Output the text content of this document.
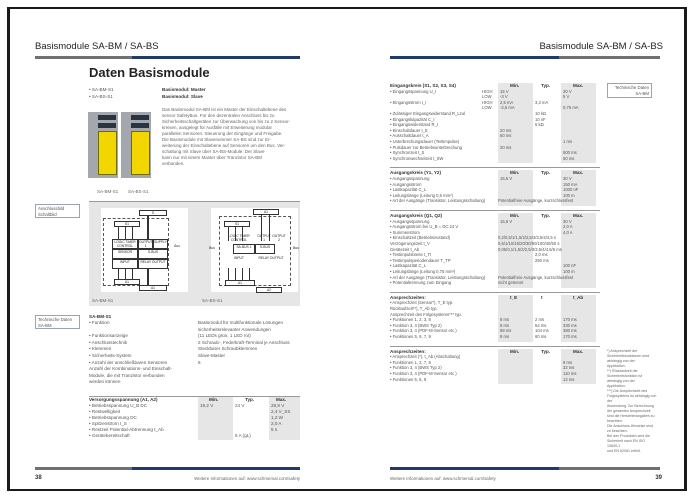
Basismodule SA-BM / SA-BS
Daten Basismodule
• SA-BM-S1
• SA-BS-S1
Basismodul: Master
Basismodul: Slave
Das Basismodul SA-BM ist ein Master der Einschaltebene des
sensor SafetyBus. Für den dezentralen Anschluss bis zu
Sicherheitsschaltgeräten zur Überwachung von bis zu 2 Sensor-
kreisen, ausgelegt für Ausfälle mit Erweiterung modular
parallelen Sensoren. Steuerung der Eingänge und Freigabe.
Die Basismodule mit Slavenummer SA-BS sind zur Er-
weiterung der Einschaltebene auf Sensoren um den Bus. Ver-
schaltung mit Slave über SA-BS-Module. Der Slave
kann nur mit einem Master über Tranzistor SA-BM
verbunden.
SA-BM-S1 SA-BS-S1
Anschlussbild
Schaltbild	S
S1
LOGIC TIMER CONTROL
OUTPUT 1
SUPPLY
SENSOR	S-BUS
Aux
INPUT	RELAY OUTPUT
A1
A1
A1
S1
LOGIC TIMER CONTROL
OUTPUT 1
OUTPUT 2
Bus	SA-BUS 1	S-BUS	Bus
INPUT	RELAY OUTPUT
A1
A2
SA-BM-S1	SA-BS-S1
Technische Daten
SA-BM
SA-BM-S1
• Funktion	Basismodul für multifunktionale Lösungen
sicherheitsrelevanter Anwendungen
• Funktionsanzeige	(11 LEDs grün, 1 LED rot)
• Anschlusstechnik	2 Schraub-, Federkraft-Terminal je Anschluss
• Klemmen	Steckbarer Schraubklemmen
• Sicherheits-System	Slave-Master
• Anzahl der anschließbaren Sensoren	6
Anzahl der Kombinations- und Einschalt-
Module, die mit Tranzistor verbunden
werden können
Versorgungsspannung (A1, A2)	Min.	Typ.	Max.
• Betriebsspannung U_B DC	19,2 V	24 V	28,8 V
• Restwelligkeit	2,4 V_SS
• Betriebsspannung DC	1,2 W
• Spitzenstrom I_S	2,0 A
• Restzeit Potential-Abtrennung t_Ab	5 s
• Gerätebereitschaft	5 A (gL)
38	Weitere Informationen auf: www.schmersal.com/safety
Basismodule SA-BM / SA-BS
Technische Daten
SA-BM
Eingangskreis (S1, S2, S3, S4)	Min.	Typ.	Max.
• Eingangsspannung U_I	HIGH 15 V	30 V
LOW -3 V	5 V
• Eingangsstrom I_I	HIGH 2,5 mA	3,3 mA
LOW -2,5 mA	0,75 mA
• Zulässiger Eingangswiderstand R_Lzul	10 kΩ
• Eingangskapazität C_I	10 nF
• Eingangswiderstand R_I	5 kΩ
• Einschaltdauer t_E	20 ms
• Ausschaltdauer t_A	50 ms
• Unterbrechungsdauer (Testimpulse)	1 ms
• Pulsdauer zur Betriebsunterbrechung	20 ms
• Synchronzeit t_S	500 ms
• Synchronwechselzeit t_SW	50 ms
Ausgangskreis (Y1, Y2)	Min.	Typ.	Max.
• Ausgangsspannung	15,6 V	30 V
• Ausgangsstrom	150 mA
• Lastkapazität C_L	1000 nF
• Leitungslänge (Leitung 0,5 mm²)	100 m
• Art der Ausgänge (Transistor, Leistungsschaltung)	Potentialfreie Ausgänge, kurzschlussfest
Ausgangskreis (Q1, Q2)	Min.	Typ.	Max.
• Ausgangsspannung	15,6 V	30 V
• Ausgangsstrom bei U_B = DC 24 V	2,0 A
• Summenstrom	4,0 A
• Einschaltzeit (Betriebszustand)	0,2/0,5/1/1,5/2/2,5/3/3,5/4/4,5 s
Verzögerungszeit t_V	0,5/1/10/15/20/30/50/100/40/50 s
Gerätezeit t_Ab	0,05/0,1/1,5/2/2,5/3/3,5/4/4,5/5 ms
• Testimpulsbreite t_TI	2,0 ms
• Testimpulsperiodendauer T_TP	250 ms
• Lastkapazität C_L	100 nF
• Leitungslänge (Leitung 0,75 mm²)	100 m
• Art der Ausgänge (Transistor, Leistungsschaltung)	Potentialfreie Ausgänge, kurzschlussfest
• Potentialtrennung zum Eingang	nicht getrennt
Ansprechzeiten:	t_E	t	t_Ab
• Ansprechzeit (Sensor*), T_E typ.
Rücklaufzeit**), T_Ab typ.
Ansprechzeit des Folgesystems*** typ.
• Funktionen 1, 2, 3, 8	8 ms	2 ms	170 ms
• Funktion 3, 4 (BWS Typ 2)	8 ms	54 ms	330 ms
• Funktion 3, 4 (PDF-M-Sensor etc.)	58 ms	104 ms	380 ms
• Funktionen 5, 6, 7, 9	8 ms	60 ms	170 ms
Ansprechzeiten:	Min.	Typ.	Max.
• Ansprechzeit (*), t_Ab (Abschaltung)
• Funktionen 1, 2, 7, 8	9 ms
• Funktion 3, 4 (BWS Typ 2)	32 ms
• Funktion 3, 4 (PDF-M-Sensor etc.)	110 ms
• Funktionen 5, 6, 9	12 ms
*) Ansprechzeit der Sicherheitsfunktionen sind abhängig von der
Applikation.
**) Rücklaufzeit der Sicherheitsfunktion ist abhängig von der
Applikation.
***) Die Ansprechzeit des Folgesystems ist abhängig von der
Anwendung. Zur Berechnung der gesamten Ansprechzeit
sind die Herstellerangaben zu beachten.
Die Anschluss-Hinweise sind zu beachten.
Bei den Produkten wird die Sicherheit nach EN ISO 13849-1
und EN 62061 erfüllt.
Weitere Informationen auf: www.schmersal.com/safety	39
